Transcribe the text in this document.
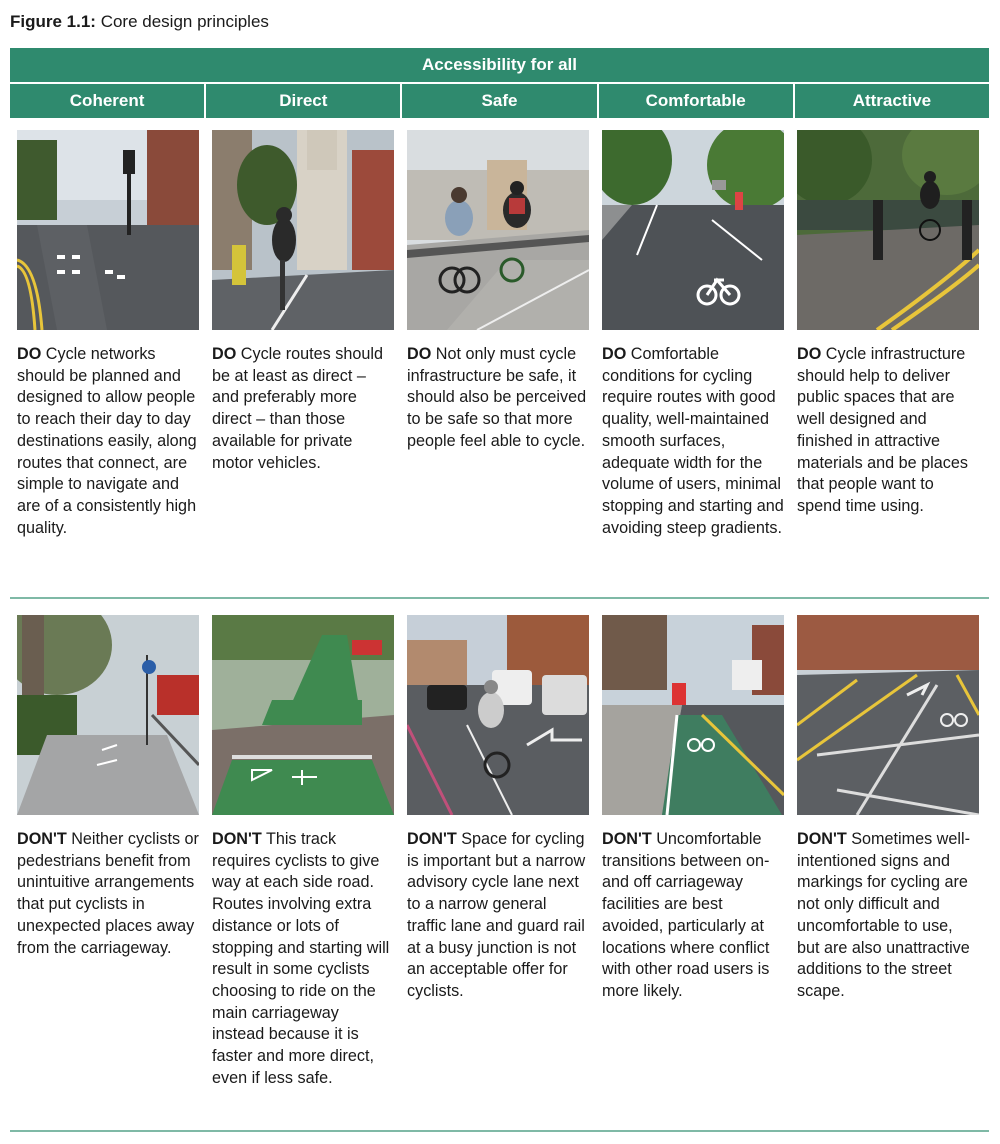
Figure 1.1: Core design principles
Accessibility for all
Coherent	Direct	Safe	Comfortable	Attractive
DO Cycle networks should be planned and designed to allow people to reach their day to day destinations easily, along routes that connect, are simple to navigate and are of a consistently high quality.
DO Cycle routes should be at least as direct – and preferably more direct – than those available for private motor vehicles.
DO Not only must cycle infrastructure be safe, it should also be perceived to be safe so that more people feel able to cycle.
DO Comfortable conditions for cycling require routes with good quality, well-maintained smooth surfaces, adequate width for the volume of users, minimal stopping and starting and avoiding steep gradients.
DO Cycle infrastructure should help to deliver public spaces that are well designed and finished in attractive materials and be places that people want to spend time using.
DON'T Neither cyclists or pedestrians benefit from unintuitive arrangements that put cyclists in unexpected places away from the carriageway.
DON'T This track requires cyclists to give way at each side road. Routes involving extra distance or lots of stopping and starting will result in some cyclists choosing to ride on the main carriageway instead because it is faster and more direct, even if less safe.
DON'T Space for cycling is important but a narrow advisory cycle lane next to a narrow general traffic lane and guard rail at a busy junction is not an acceptable offer for cyclists.
DON'T Uncomfortable transitions between on-and off carriageway facilities are best avoided, particularly at locations where conflict with other road users is more likely.
DON'T Sometimes well-intentioned signs and markings for cycling are not only difficult and uncomfortable to use, but are also unattractive additions to the street scape.
